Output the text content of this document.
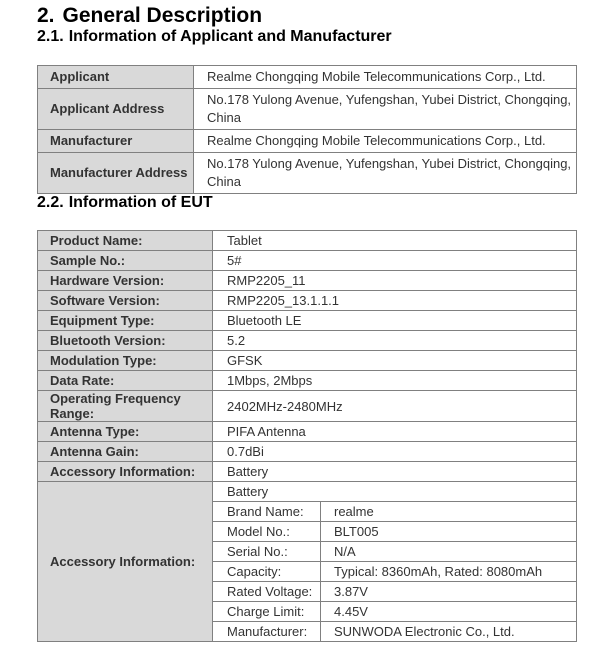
2. General Description
2.1. Information of Applicant and Manufacturer
Applicant	Realme Chongqing Mobile Telecommunications Corp., Ltd.
Applicant Address	No.178 Yulong Avenue, Yufengshan, Yubei District, Chongqing, China
Manufacturer	Realme Chongqing Mobile Telecommunications Corp., Ltd.
Manufacturer Address	No.178 Yulong Avenue, Yufengshan, Yubei District, Chongqing, China
2.2. Information of EUT
Product Name:	Tablet	
Sample No.:	5#	
Hardware Version:	RMP2205_11	
Software Version:	RMP2205_13.1.1.1	
Equipment Type:	Bluetooth LE	
Bluetooth Version:	5.2	
Modulation Type:	GFSK	
Data Rate:	1Mbps, 2Mbps	
Operating Frequency Range:	2402MHz-2480MHz	
Antenna Type:	PIFA Antenna	
Antenna Gain:	0.7dBi	
Accessory Information:	Battery	
Accessory Information:	Battery	
	Brand Name:	realme
	Model No.:	BLT005
	Serial No.:	N/A
	Capacity:	Typical: 8360mAh, Rated: 8080mAh
	Rated Voltage:	3.87V
	Charge Limit:	4.45V
	Manufacturer:	SUNWODA Electronic Co., Ltd.
